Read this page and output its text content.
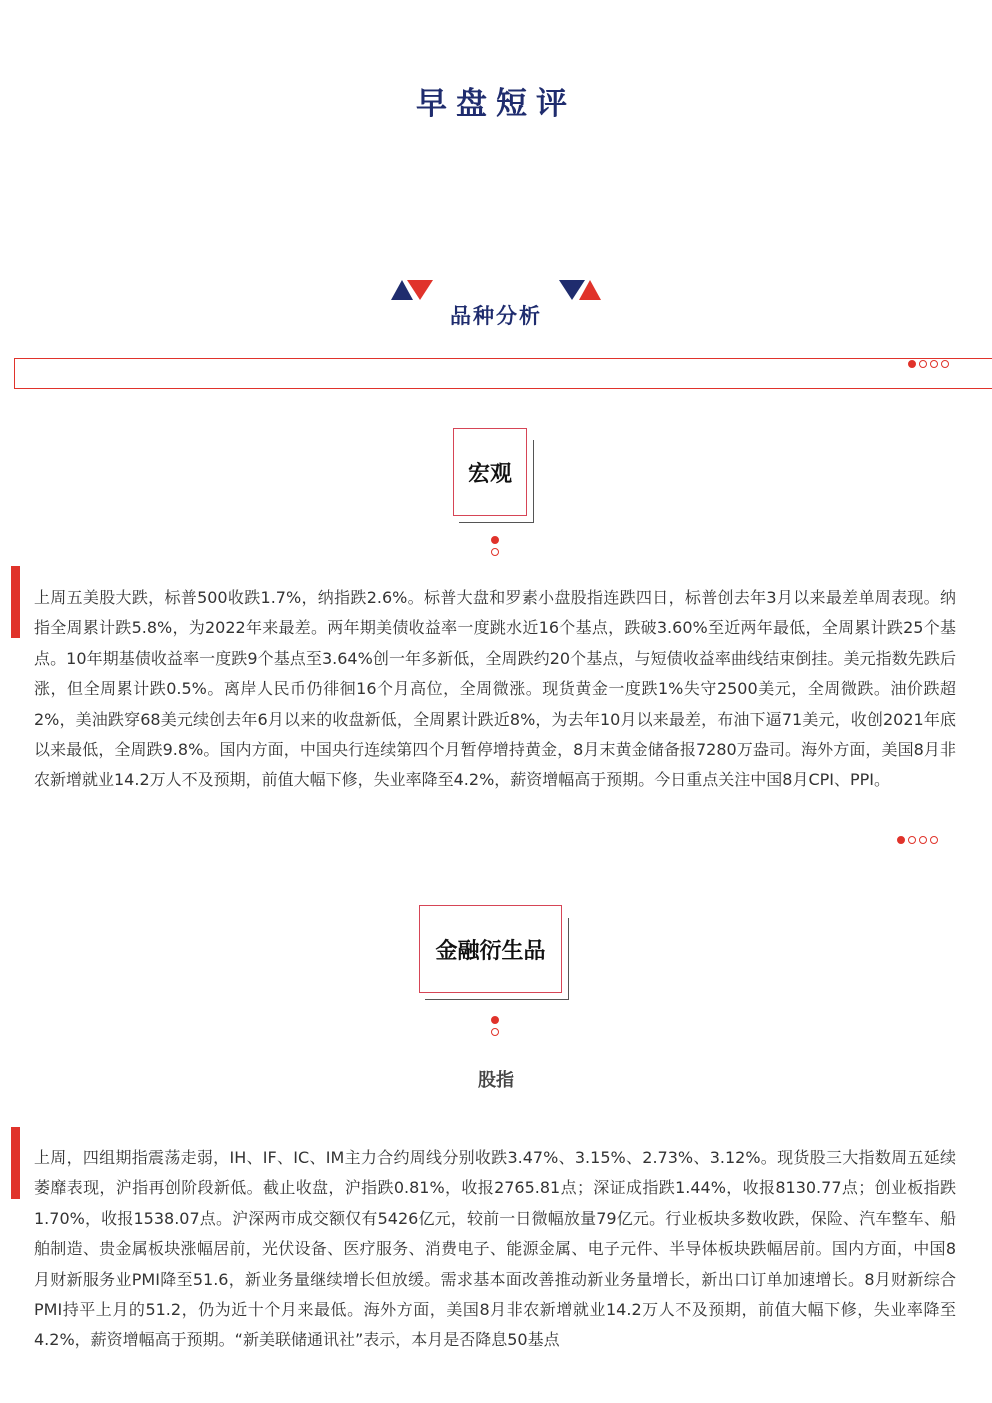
早盘短评
品种分析
宏观

上周五美股大跌，标普500收跌1.7%，纳指跌2.6%。标普大盘和罗素小盘股指连跌四日，标普创去年3月以来最差单周表现。纳指全周累计跌5.8%，为2022年来最差。两年期美债收益率一度跳水近16个基点，跌破3.60%至近两年最低，全周累计跌25个基点。10年期基债收益率一度跌9个基点至3.64%创一年多新低，全周跌约20个基点，与短债收益率曲线结束倒挂。美元指数先跌后涨，但全周累计跌0.5%。离岸人民币仍徘徊16个月高位，全周微涨。现货黄金一度跌1%失守2500美元，全周微跌。油价跌超2%，美油跌穿68美元续创去年6月以来的收盘新低，全周累计跌近8%，为去年10月以来最差，布油下逼71美元，收创2021年底以来最低，全周跌9.8%。国内方面，中国央行连续第四个月暂停增持黄金，8月末黄金储备报7280万盎司。海外方面，美国8月非农新增就业14.2万人不及预期，前值大幅下修，失业率降至4.2%，薪资增幅高于预期。今日重点关注中国8月CPI、PPI。

金融衍生品
股指

上周，四组期指震荡走弱，IH、IF、IC、IM主力合约周线分别收跌3.47%、3.15%、2.73%、3.12%。现货股三大指数周五延续萎靡表现，沪指再创阶段新低。截止收盘，沪指跌0.81%，收报2765.81点；深证成指跌1.44%，收报8130.77点；创业板指跌1.70%，收报1538.07点。沪深两市成交额仅有5426亿元，较前一日微幅放量79亿元。行业板块多数收跌，保险、汽车整车、船舶制造、贵金属板块涨幅居前，光伏设备、医疗服务、消费电子、能源金属、电子元件、半导体板块跌幅居前。国内方面，中国8月财新服务业PMI降至51.6，新业务量继续增长但放缓。需求基本面改善推动新业务量增长，新出口订单加速增长。8月财新综合PMI持平上月的51.2，仍为近十个月来最低。海外方面，美国8月非农新增就业14.2万人不及预期，前值大幅下修，失业率降至4.2%，薪资增幅高于预期。“新美联储通讯社”表示，本月是否降息50基点
